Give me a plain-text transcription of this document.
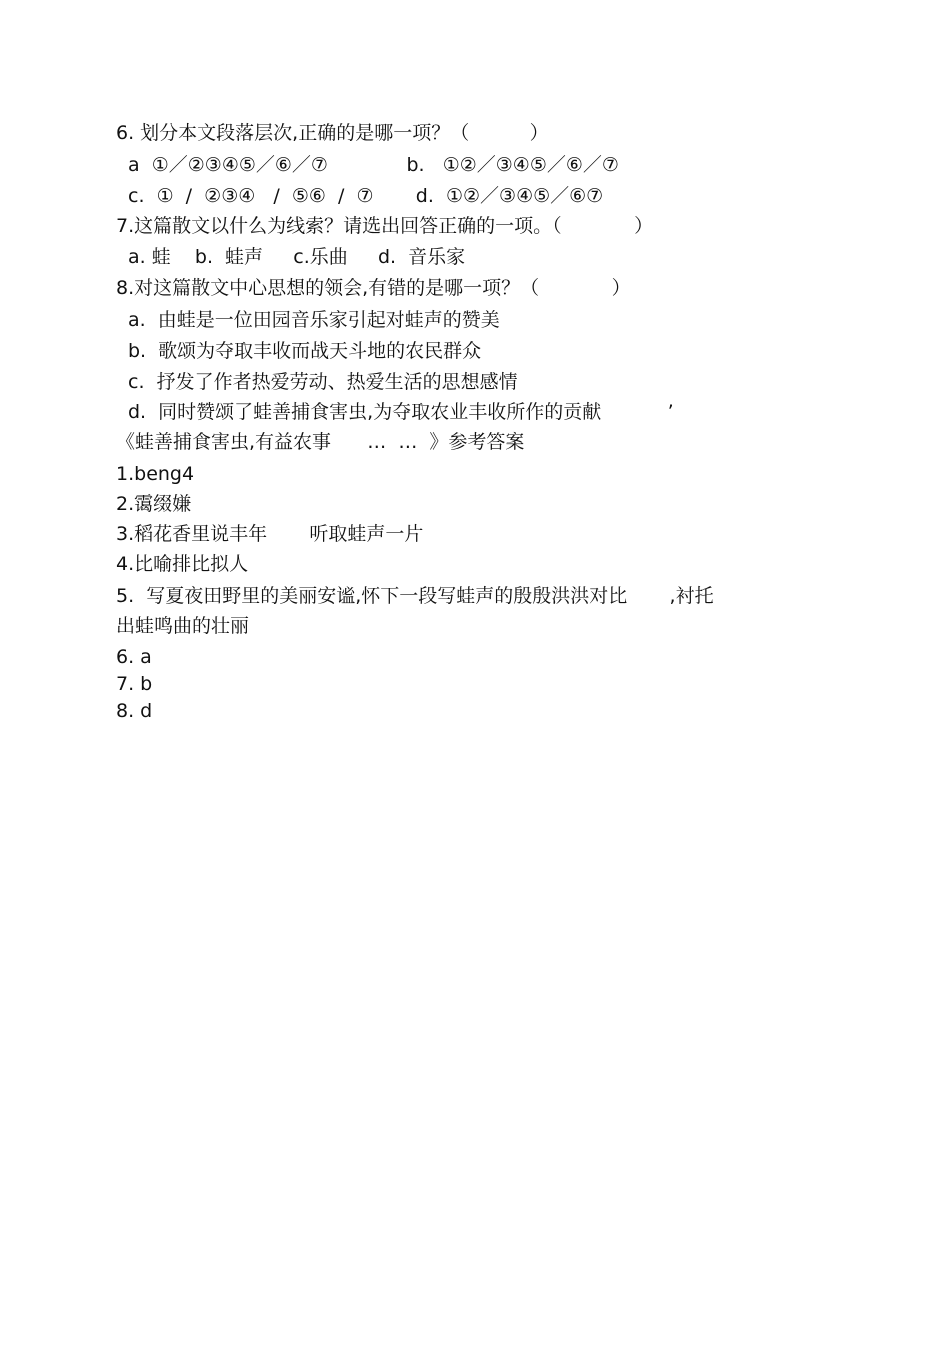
6. 划分本文段落层次,正确的是哪一项？（          ）
a  ①／②③④⑤／⑥／⑦             b.   ①②／③④⑤／⑥／⑦
c.  ①  /  ②③④   /  ⑤⑥  /  ⑦       d.  ①②／③④⑤／⑥⑦
7.这篇散文以什么为线索？请选出回答正确的一项。（            ）
a. 蛙    b.  蛙声     c.乐曲     d.  音乐家
8.对这篇散文中心思想的领会,有错的是哪一项？（            ）
a.  由蛙是一位田园音乐家引起对蛙声的赞美
b.  歌颂为夺取丰收而战天斗地的农民群众
c.  抒发了作者热爱劳动、热爱生活的思想感情
d.  同时赞颂了蛙善捕食害虫,为夺取农业丰收所作的贡献           ’
《蛙善捕食害虫,有益农事      …  …  》参考答案
1.beng4
2.霭缀嫌
3.稻花香里说丰年       听取蛙声一片
4.比喻排比拟人
5.  写夏夜田野里的美丽安谧,怀下一段写蛙声的殷殷洪洪对比       ,衬托
出蛙鸣曲的壮丽
6. a
7. b
8. d
